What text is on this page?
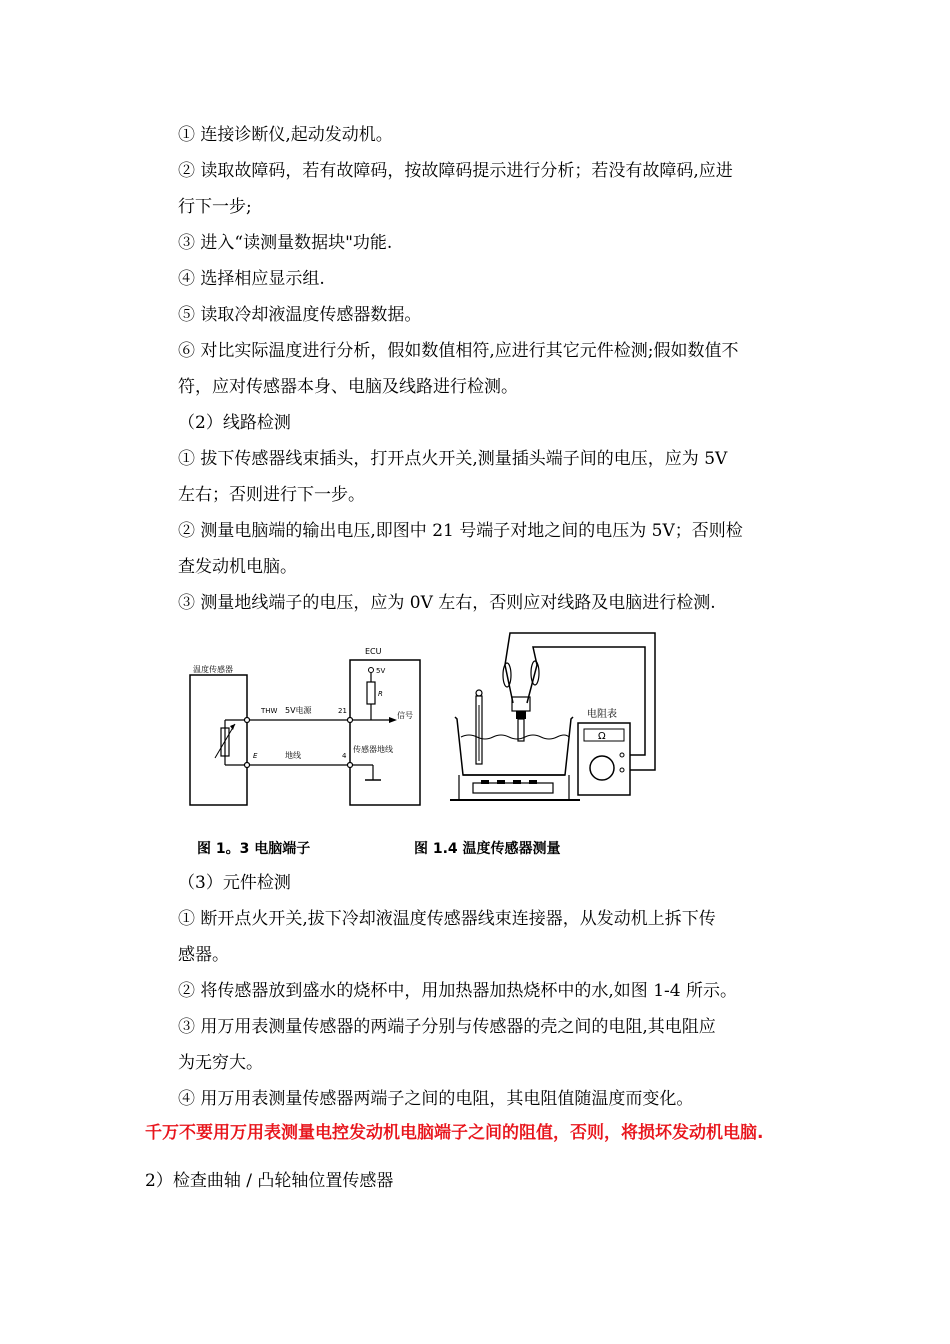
① 连接诊断仪,起动发动机。
② 读取故障码，若有故障码，按故障码提示进行分析；若没有故障码,应进
行下一步;
③ 进入“读测量数据块"功能.
④ 选择相应显示组.
⑤ 读取冷却液温度传感器数据。
⑥ 对比实际温度进行分析，假如数值相符,应进行其它元件检测;假如数值不
符，应对传感器本身、电脑及线路进行检测。
（2）线路检测
① 拔下传感器线束插头，打开点火开关,测量插头端子间的电压，应为 5V
左右；否则进行下一步。
② 测量电脑端的输出电压,即图中 21 号端子对地之间的电压为 5V；否则检
查发动机电脑。
③ 测量地线端子的电压，应为 0V 左右，否则应对线路及电脑进行检测.
温度传感器
ECU
THW 5V电源	21
E	地线	4
5V
R
信号
传感器地线
电阻表
Ω
图 1。3 电脑端子	图 1.4 温度传感器测量
（3）元件检测
① 断开点火开关,拔下冷却液温度传感器线束连接器，从发动机上拆下传
感器。
② 将传感器放到盛水的烧杯中，用加热器加热烧杯中的水,如图 1-4 所示。
③ 用万用表测量传感器的两端子分别与传感器的壳之间的电阻,其电阻应
为无穷大。
④ 用万用表测量传感器两端子之间的电阻，其电阻值随温度而变化。
千万不要用万用表测量电控发动机电脑端子之间的阻值，否则，将损坏发动机电脑.
2）检查曲轴 / 凸轮轴位置传感器
